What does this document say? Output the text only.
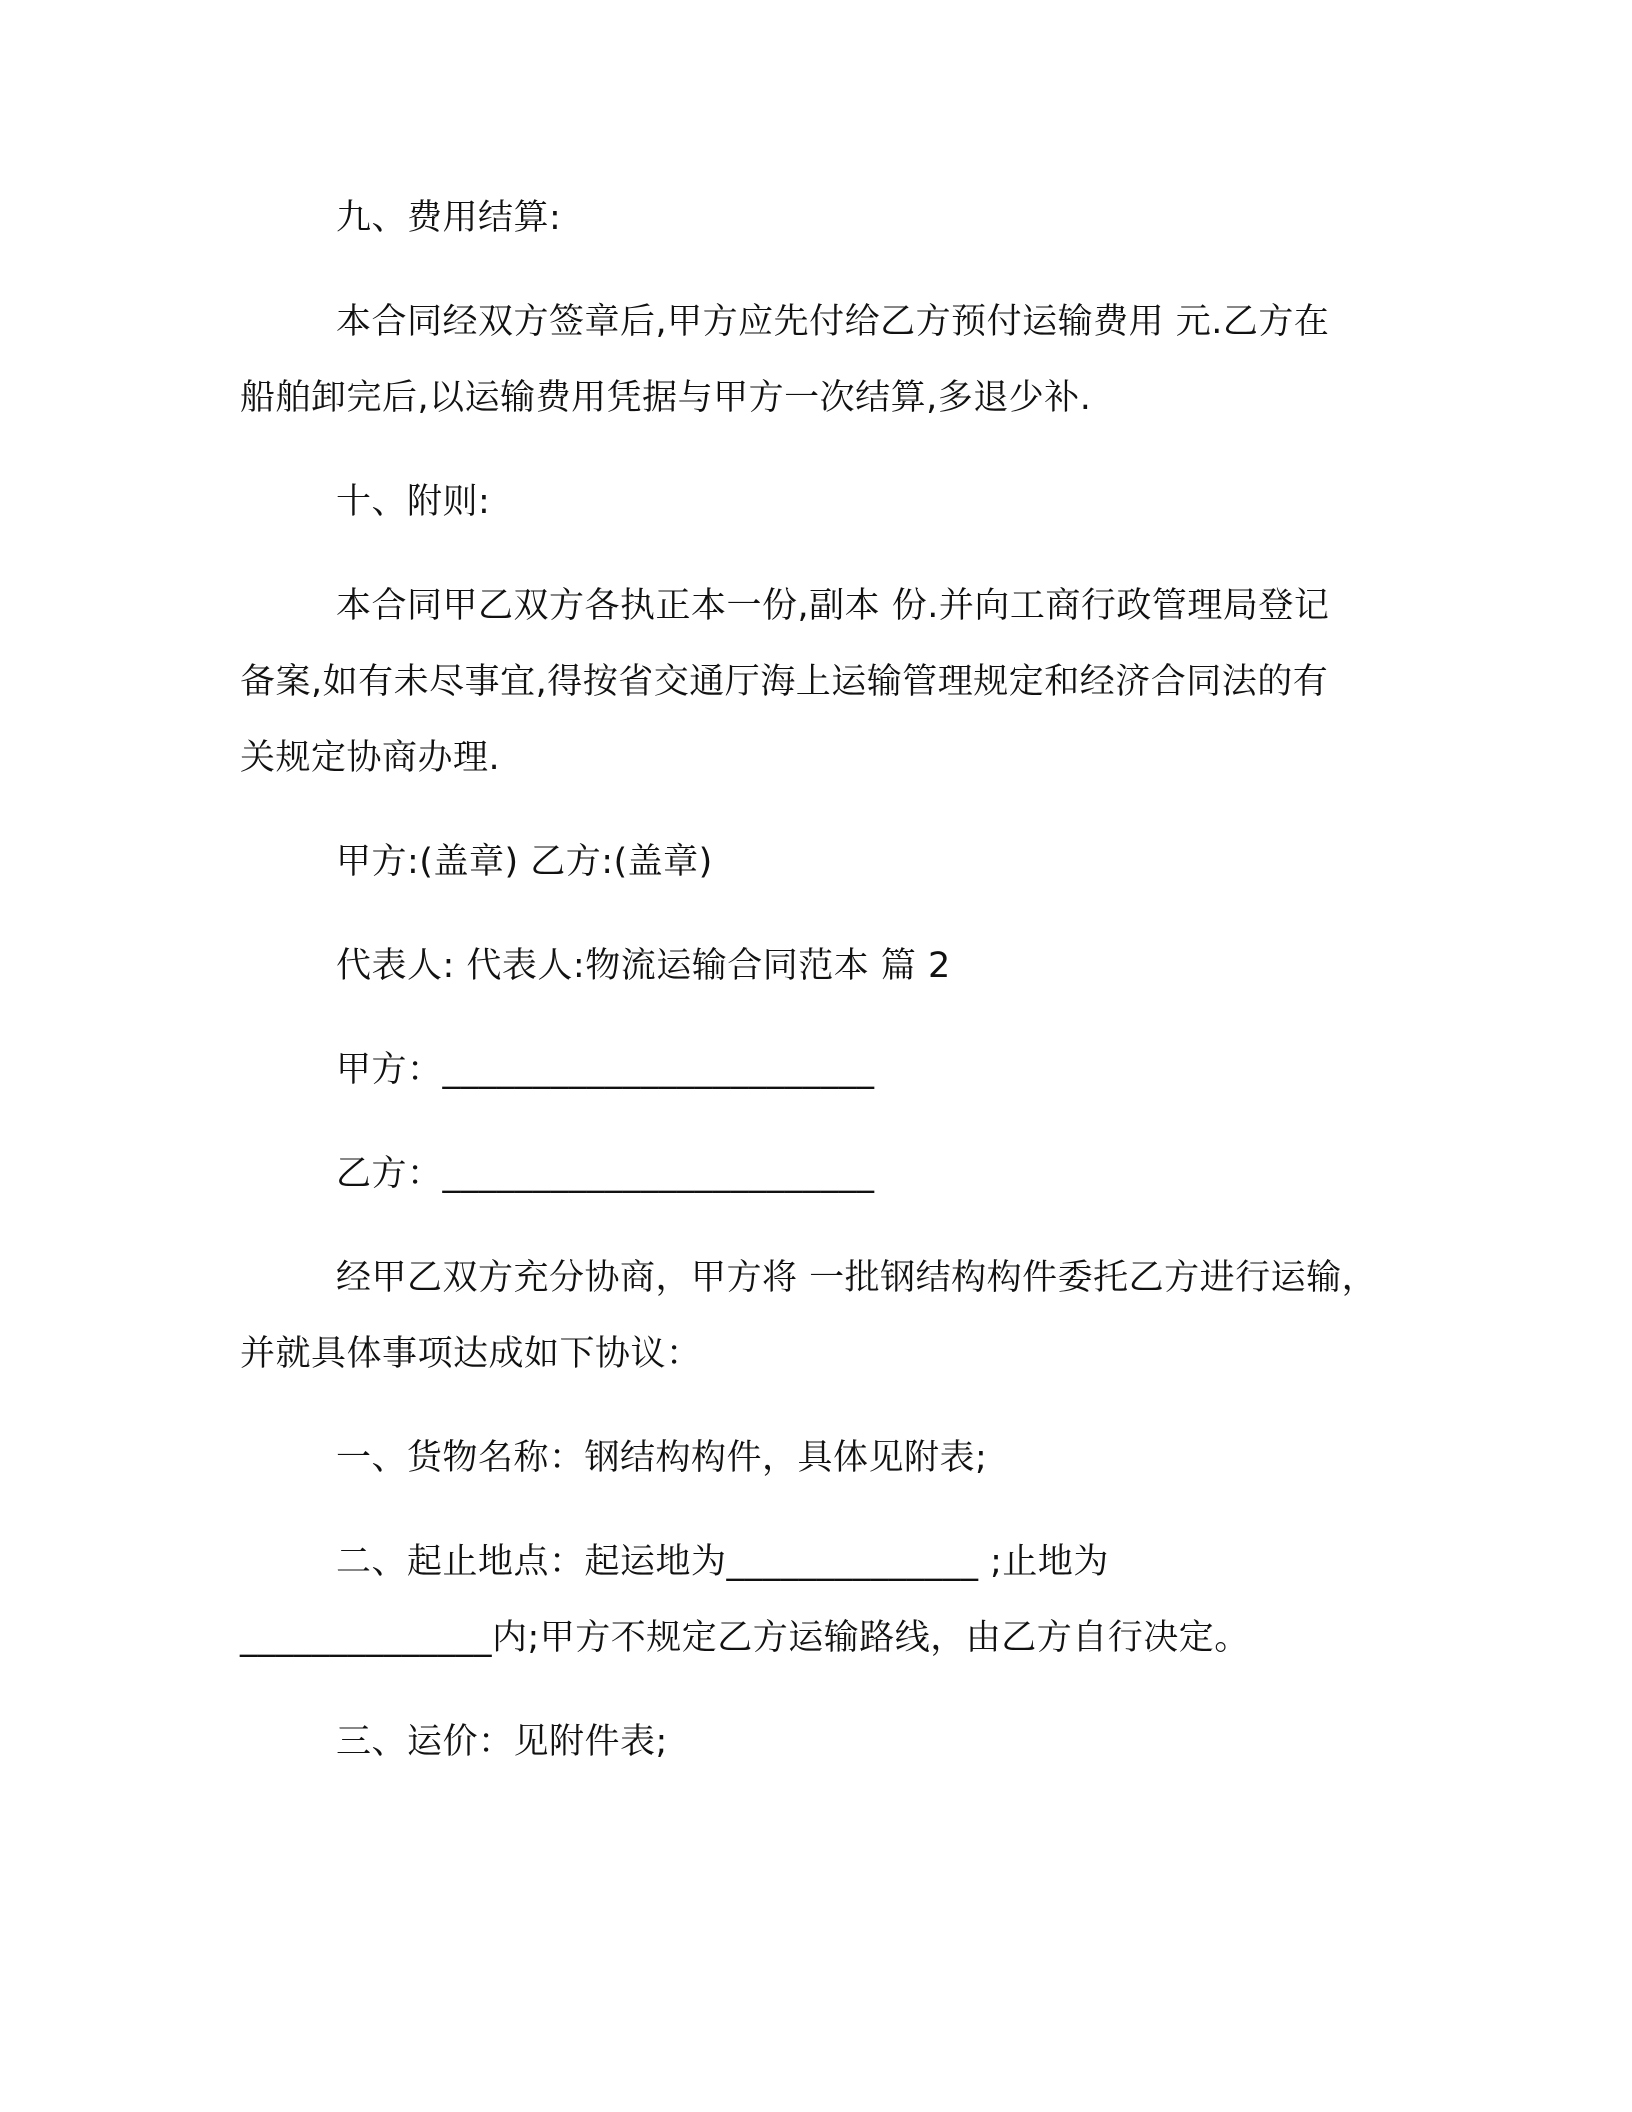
九、费用结算:
本合同经双方签章后,甲方应先付给乙方预付运输费用 元.乙方在
船舶卸完后,以运输费用凭据与甲方一次结算,多退少补.
十、附则:
本合同甲乙双方各执正本一份,副本 份.并向工商行政管理局登记
备案,如有未尽事宜,得按省交通厅海上运输管理规定和经济合同法的有
关规定协商办理.
甲方:(盖章) 乙方:(盖章)
代表人: 代表人:物流运输合同范本 篇 2
甲方：________________________
乙方：________________________
经甲乙双方充分协商，甲方将 一批钢结构构件委托乙方进行运输，
并就具体事项达成如下协议：
一、货物名称：钢结构构件，具体见附表;
二、起止地点：起运地为______________ ;止地为
______________内;甲方不规定乙方运输路线，由乙方自行决定。
三、运价：见附件表;
